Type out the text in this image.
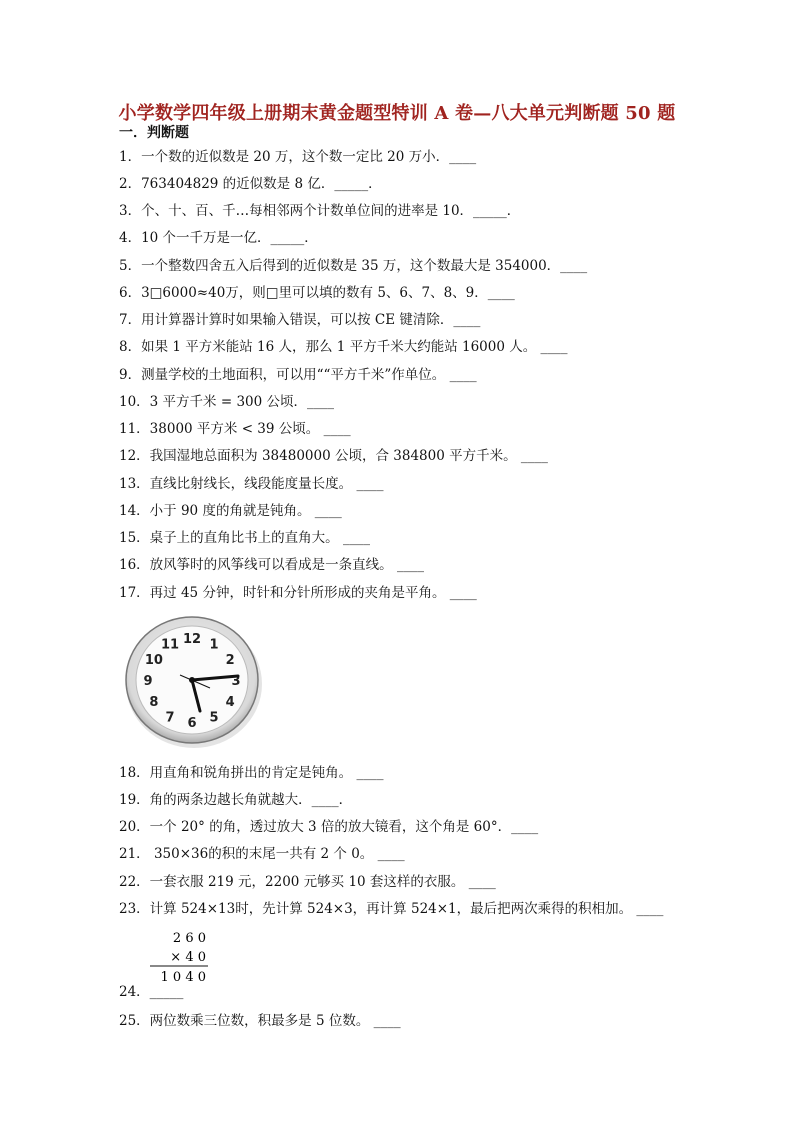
小学数学四年级上册期末黄金题型特训 A 卷—八大单元判断题 50 题
一．判断题
1．一个数的近似数是 20 万，这个数一定比 20 万小．____
2．763404829 的近似数是 8 亿．_____．
3．个、十、百、千…每相邻两个计数单位间的进率是 10．_____．
4．10 个一千万是一亿．_____．
5．一个整数四舍五入后得到的近似数是 35 万，这个数最大是 354000．____
6．3□6000≈40万，则□里可以填的数有 5、6、7、8、9．____
7．用计算器计算时如果输入错误，可以按 CE 键清除．____
8．如果 1 平方米能站 16 人，那么 1 平方千米大约能站 16000 人。 ____
9．测量学校的土地面积，可以用““平方千米”作单位。 ____
10．3 平方千米 = 300 公顷．____
11．38000 平方米 < 39 公顷。 ____
12．我国湿地总面积为 38480000 公顷，合 384800 平方千米。 ____
13．直线比射线长，线段能度量长度。 ____
14．小于 90 度的角就是钝角。 ____
15．桌子上的直角比书上的直角大。 ____
16．放风筝时的风筝线可以看成是一条直线。 ____
17．再过 45 分钟，时针和分针所形成的夹角是平角。 ____
12 1
2
3
4
5
6
7
8
9
10
11
18．用直角和锐角拼出的肯定是钝角。 ____
19．角的两条边越长角就越大．____．
20．一个 20° 的角，透过放大 3 倍的放大镜看，这个角是 60°．____
21． 350×36的积的末尾一共有 2 个 0。 ____
22．一套衣服 219 元，2200 元够买 10 套这样的衣服。 ____
23．计算 524×13时，先计算 524×3，再计算 524×1，最后把两次乘得的积相加。 ____
2 6 0
× 4 0
1 0 4 0
24．_____
25．两位数乘三位数，积最多是 5 位数。 ____
